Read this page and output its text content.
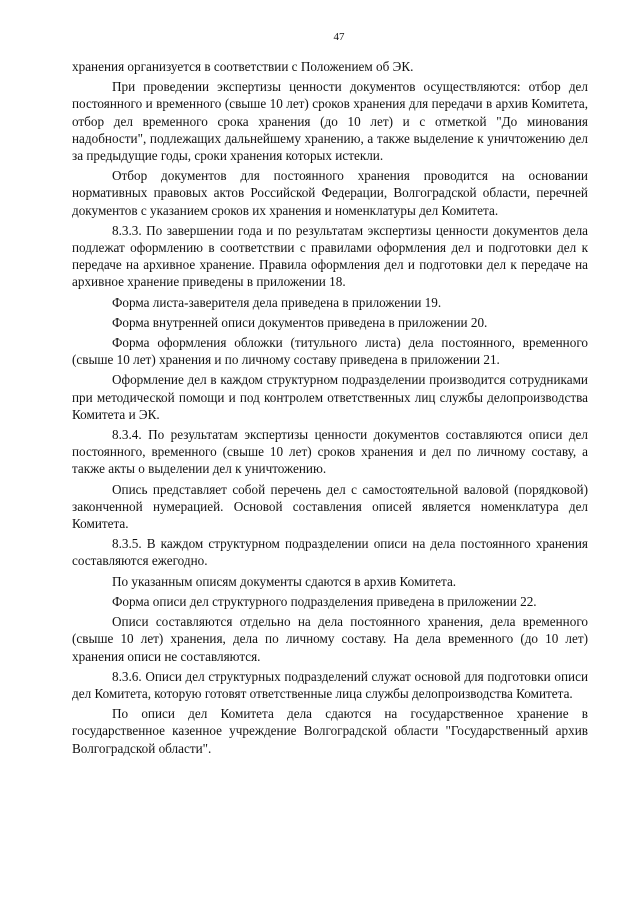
47

хранения организуется в соответствии с Положением об ЭК.

При проведении экспертизы ценности документов осуществляются: отбор дел постоянного и временного (свыше 10 лет) сроков хранения для передачи в архив Комитета, отбор дел временного срока хранения (до 10 лет) и с отметкой "До минования надобности", подлежащих дальнейшему хранению, а также выделение к уничтожению дел за предыдущие годы, сроки хранения которых истекли.

Отбор документов для постоянного хранения проводится на основании нормативных правовых актов Российской Федерации, Волгоградской области, перечней документов с указанием сроков их хранения и номенклатуры дел Комитета.

8.3.3. По завершении года и по результатам экспертизы ценности документов дела подлежат оформлению в соответствии с правилами оформления дел и подготовки дел к передаче на архивное хранение. Правила оформления дел и подготовки дел к передаче на архивное хранение приведены в приложении 18.

Форма листа-заверителя дела приведена в приложении 19.

Форма внутренней описи документов приведена в приложении 20.

Форма оформления обложки (титульного листа) дела постоянного, временного (свыше 10 лет) хранения и по личному составу приведена в приложении 21.

Оформление дел в каждом структурном подразделении производится сотрудниками при методической помощи и под контролем ответственных лиц службы делопроизводства Комитета и ЭК.

8.3.4. По результатам экспертизы ценности документов составляются описи дел постоянного, временного (свыше 10 лет) сроков хранения и дел по личному составу, а также акты о выделении дел к уничтожению.

Опись представляет собой перечень дел с самостоятельной валовой (порядковой) законченной нумерацией. Основой составления описей является номенклатура дел Комитета.

8.3.5. В каждом структурном подразделении описи на дела постоянного хранения составляются ежегодно.

По указанным описям документы сдаются в архив Комитета.

Форма описи дел структурного подразделения приведена в приложении 22.

Описи составляются отдельно на дела постоянного хранения, дела временного (свыше 10 лет) хранения, дела по личному составу. На дела временного (до 10 лет) хранения описи не составляются.

8.3.6. Описи дел структурных подразделений служат основой для подготовки описи дел Комитета, которую готовят ответственные лица службы делопроизводства Комитета.

По описи дел Комитета дела сдаются на государственное хранение в государственное казенное учреждение Волгоградской области "Государственный архив Волгоградской области".
